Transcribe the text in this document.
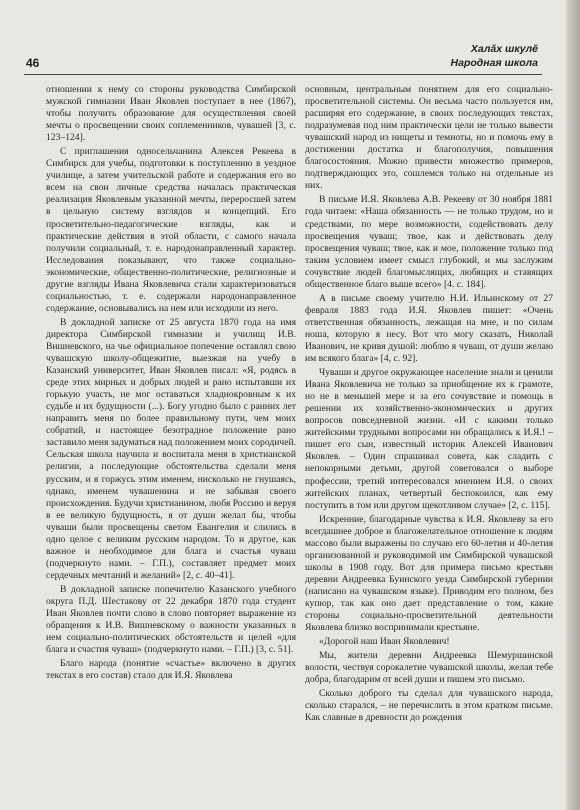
46
Халăх шкулĕ
Народная школа

отношении к нему со стороны руководства Симбирской мужской гимназии Иван Яковлев поступает в нее (1867), чтобы получить образование для осуществления своей мечты о просвещении своих соплеменников, чувашей [3, с. 123–124].

С приглашения односельчанина Алексея Рекеева в Симбирск для учебы, подготовки к поступлению в уездное училище, а затем учительской работе и содержания его во всем на свои личные средства началась практическая реализация Яковлевым указанной мечты, переросшей затем в цельную систему взглядов и концепций. Его просветительно-педагогические взгляды, как и практические действия в этой области, с самого начала получили социальный, т. е. народонаправленный характер. Исследования показывают, что также социально-экономические, общественно-политические, религиозные и другие взгляды Ивана Яковлевича стали характеризоваться социальностью, т. е. содержали народонаправленное содержание, основывались на нем или исходили из него.

В докладной записке от 25 августа 1870 года на имя директора Симбирской гимназии и училищ И.В. Вишневского, на чье официальное попечение оставлял свою чувашскую школу-общежитие, выезжая на учебу в Казанский университет, Иван Яковлев писал: «Я, родясь в среде этих мирных и добрых людей и рано испытавши их горькую участь, не мог оставаться хладнокровным к их судьбе и их будущности (...). Богу угодно было с ранних лет направить меня по более правильному пути, чем моих собратий, и настоящее безотрадное положение рано заставило меня задуматься над положением моих сородичей. Сельская школа научила и воспитала меня в христианской религии, а последующие обстоятельства сделали меня русским, и я горжусь этим именем, нисколько не гнушаясь, однако, именем чувашенина и не забывая своего происхождения. Будучи христианином, любя Россию и веруя в ее великую будущность, я от души желал бы, чтобы чуваши были просвещены светом Евангелия и слились в одно целое с великим русским народом. То и другое, как важное и необходимое для блага и счастья чуваш (подчеркнуто нами. – Г.П.), составляет предмет моих сердечных мечтаний и желаний» [2, с. 40–41].

В докладной записке попечителю Казанского учебного округа П.Д. Шестакову от 22 декабря 1870 года студент Иван Яковлев почти слово в слово повторяет выражение из обращения к И.В. Вишневскому о важности указанных в нем социально-политических обстоятельств и целей «для блага и счастия чуваш» (подчеркнуто нами. – Г.П.) [3, с. 51].

Благо народа (понятие «счастье» включено в других текстах в его состав) стало для И.Я. Яковлева

основным, центральным понятием для его социально-просветительной системы. Он весьма часто пользуется им, расширяя его содержание, в своих последующих текстах, подразумевая под ним практически цели не только вывести чувашский народ из нищеты и темноты, но и помочь ему в достижении достатка и благополучия, повышения благосостояния. Можно привести множество примеров, подтверждающих это, сошлемся только на отдельные из них.

В письме И.Я. Яковлева А.В. Рекееву от 30 ноября 1881 года читаем: «Наша обязанность — не только трудом, но и средствами, по мере возможности, содействовать делу просвещения чуваш; твое, как и действовать делу просвещения чуваш; твое, как и мое, положение только под таким условием имеет смысл глубокий, и мы заслужим сочувствие людей благомыслящих, любящих и ставящих общественное благо выше всего» [4. с. 184].

А в письме своему учителю Н.И. Ильинскому от 27 февраля 1883 года И.Я. Яковлев пишет: «Очень ответственная обязанность, лежащая на мне, и по силам ноша, которую я несу. Вот что могу сказать, Николай Иванович, не кривя душой: люблю я чуваш, от души желаю им всякого блага» [4, с. 92].

Чуваши и другое окружающее население знали и ценили Ивана Яковлевича не только за приобщение их к грамоте, но не в меньшей мере и за его сочувствие и помощь в решении их хозяйственно-экономических и других вопросов повседневной жизни. «И с какими только житейскими трудными вопросами ни обращались к И.Я.! – пишет его сын, известный историк Алексей Иванович Яковлев. – Один спрашивал совета, как сладить с непокорными детьми, другой советовался о выборе профессии, третий интересовался мнением И.Я. о своих житейских планах, четвертый беспокоился, как ему поступить в том или другом щекотливом случае» [2, с. 115].

Искренние, благодарные чувства к И.Я. Яковлеву за его всегдашнее доброе и благожелательное отношение к людям массово были выражены по случаю его 60-летия и 40-летия организованной и руководимой им Симбирской чувашской школы в 1908 году. Вот для примера письмо крестьян деревни Андреевка Буинского уезда Симбирской губернии (написано на чувашском языке). Приводим его полном, без купюр, так как оно дает представление о том, какие стороны социально-просветительной деятельности Яковлева близко воспринимали крестьяне.

«Дорогой наш Иван Яковлевич!

Мы, жители деревни Андреевка Шемуршинской волости, чествуя сорокалетие чувашской школы, желая тебе добра, благодарим от всей души и пишем это письмо.

Сколько доброго ты сделал для чувашского народа, сколько старался, – не перечислить в этом кратком письме. Как славные в древности до рождения
